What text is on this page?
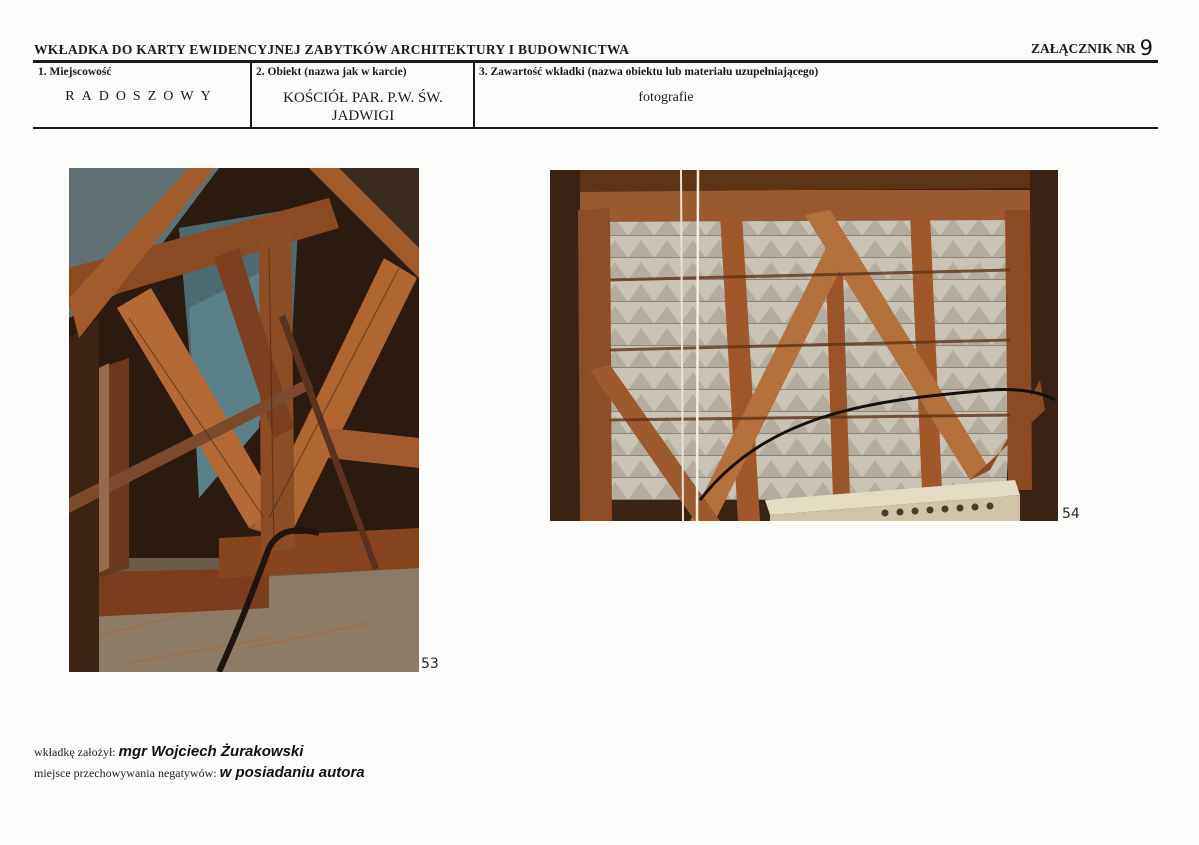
WKŁADKA DO KARTY EWIDENCYJNEJ ZABYTKÓW ARCHITEKTURY I BUDOWNICTWA	ZAŁĄCZNIK NR 9
1. Miejscowość
RADOSZOWY
2. Obiekt (nazwa jak w karcie)
KOŚCIÓŁ PAR. P.W. ŚW. JADWIGI
3. Zawartość wkładki (nazwa obiektu lub materiału uzupełniającego)
fotografie
53
54
wkładkę założył: mgr Wojciech Żurakowski
miejsce przechowywania negatywów: w posiadaniu autora
